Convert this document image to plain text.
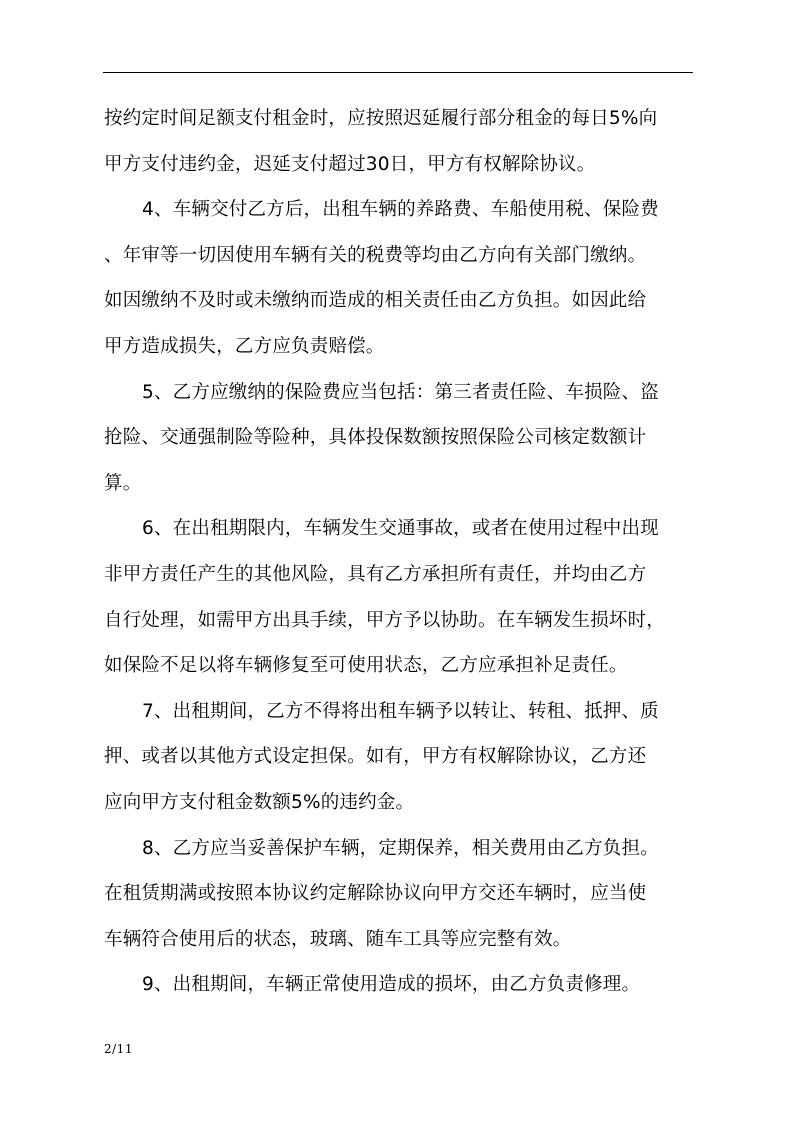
按约定时间足额支付租金时，应按照迟延履行部分租金的每日5%向
甲方支付违约金，迟延支付超过30日，甲方有权解除协议。
4、车辆交付乙方后，出租车辆的养路费、车船使用税、保险费
、年审等一切因使用车辆有关的税费等均由乙方向有关部门缴纳。
如因缴纳不及时或未缴纳而造成的相关责任由乙方负担。如因此给
甲方造成损失，乙方应负责赔偿。
5、乙方应缴纳的保险费应当包括：第三者责任险、车损险、盗
抢险、交通强制险等险种，具体投保数额按照保险公司核定数额计
算。
6、在出租期限内，车辆发生交通事故，或者在使用过程中出现
非甲方责任产生的其他风险，具有乙方承担所有责任，并均由乙方
自行处理，如需甲方出具手续，甲方予以协助。在车辆发生损坏时，
如保险不足以将车辆修复至可使用状态，乙方应承担补足责任。
7、出租期间，乙方不得将出租车辆予以转让、转租、抵押、质
押、或者以其他方式设定担保。如有，甲方有权解除协议，乙方还
应向甲方支付租金数额5%的违约金。
8、乙方应当妥善保护车辆，定期保养，相关费用由乙方负担。
在租赁期满或按照本协议约定解除协议向甲方交还车辆时，应当使
车辆符合使用后的状态，玻璃、随车工具等应完整有效。
9、出租期间，车辆正常使用造成的损坏，由乙方负责修理。
2/11
